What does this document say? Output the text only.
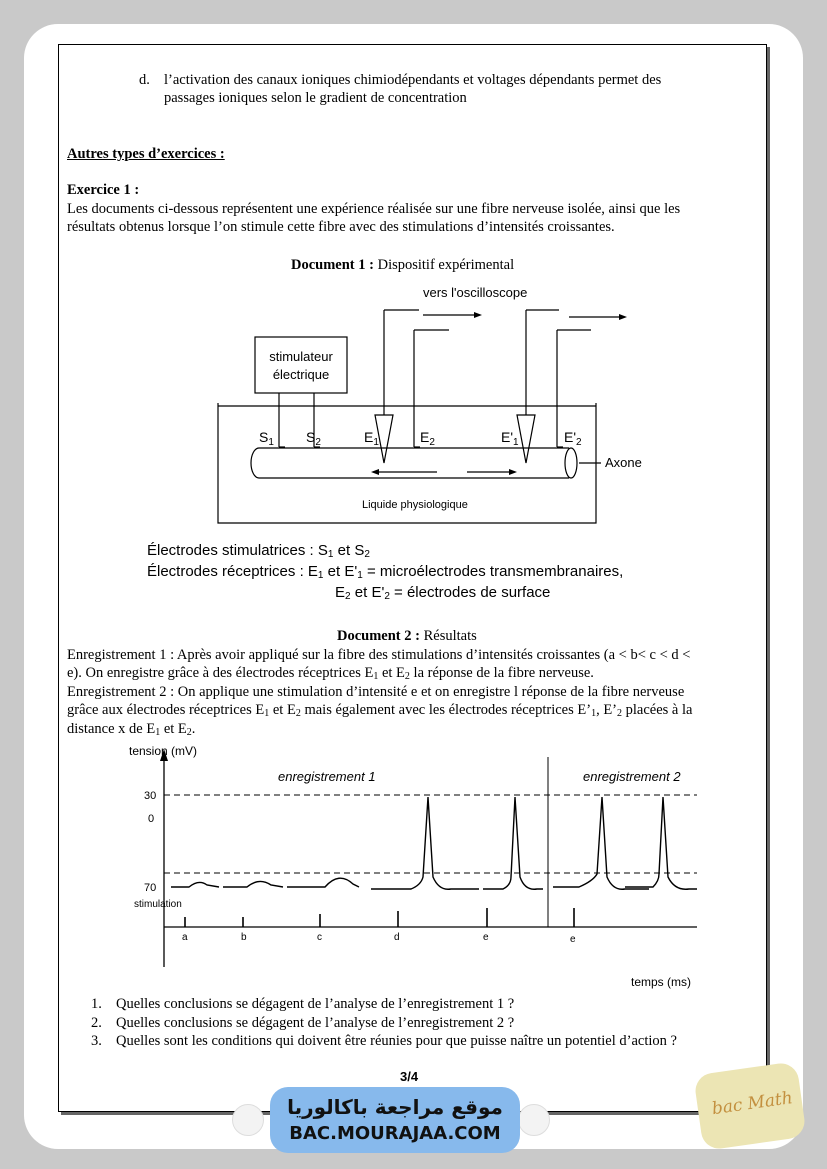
d. l’activation des canaux ioniques chimiodépendants et voltages dépendants permet des
passages ioniques selon le gradient de concentration
Autres types d’exercices :
Exercice 1 :
Les documents ci-dessous représentent une expérience réalisée sur une fibre nerveuse isolée, ainsi que les
résultats obtenus lorsque l’on stimule cette fibre avec des stimulations d’intensités croissantes.
Document 1 : Dispositif expérimental
vers l'oscilloscope
stimulateur
électrique
$S_1$ $S_2$	$E_1$	$E_2$	$E'_1$	$E'_2$
Axone
Liquide physiologique
Électrodes stimulatrices : $S_1$ et $S_2$
Électrodes réceptrices : $E_1$ et $E'_1$ = microélectrodes transmembranaires,
$E_2$ et $E'_2$ = électrodes de surface
Document 2 : Résultats
Enregistrement 1 : Après avoir appliqué sur la fibre des stimulations d’intensités croissantes (a < b< c < d <
e). On enregistre grâce à des électrodes réceptrices $E_1$ et $E_2$ la réponse de la fibre nerveuse.
Enregistrement 2 : On applique une stimulation d’intensité e et on enregistre l réponse de la fibre nerveuse
grâce aux électrodes réceptrices $E_1$ et $E_2$ mais également avec les électrodes réceptrices $E’_1$, $E’_2$ placées à la
distance x de $E_1$ et $E_2$.
tension (mV)
enregistrement 1	enregistrement 2
30
0
70
stimulation
a	b	c	d	e	e
temps (ms)
1. Quelles conclusions se dégagent de l’analyse de l’enregistrement 1 ?
2. Quelles conclusions se dégagent de l’analyse de l’enregistrement 2 ?
3. Quelles sont les conditions qui doivent être réunies pour que puisse naître un potentiel d’action ?
3/4
موقع مراجعة باكالوريا
BAC.MOURAJAA.COM
bac Math
